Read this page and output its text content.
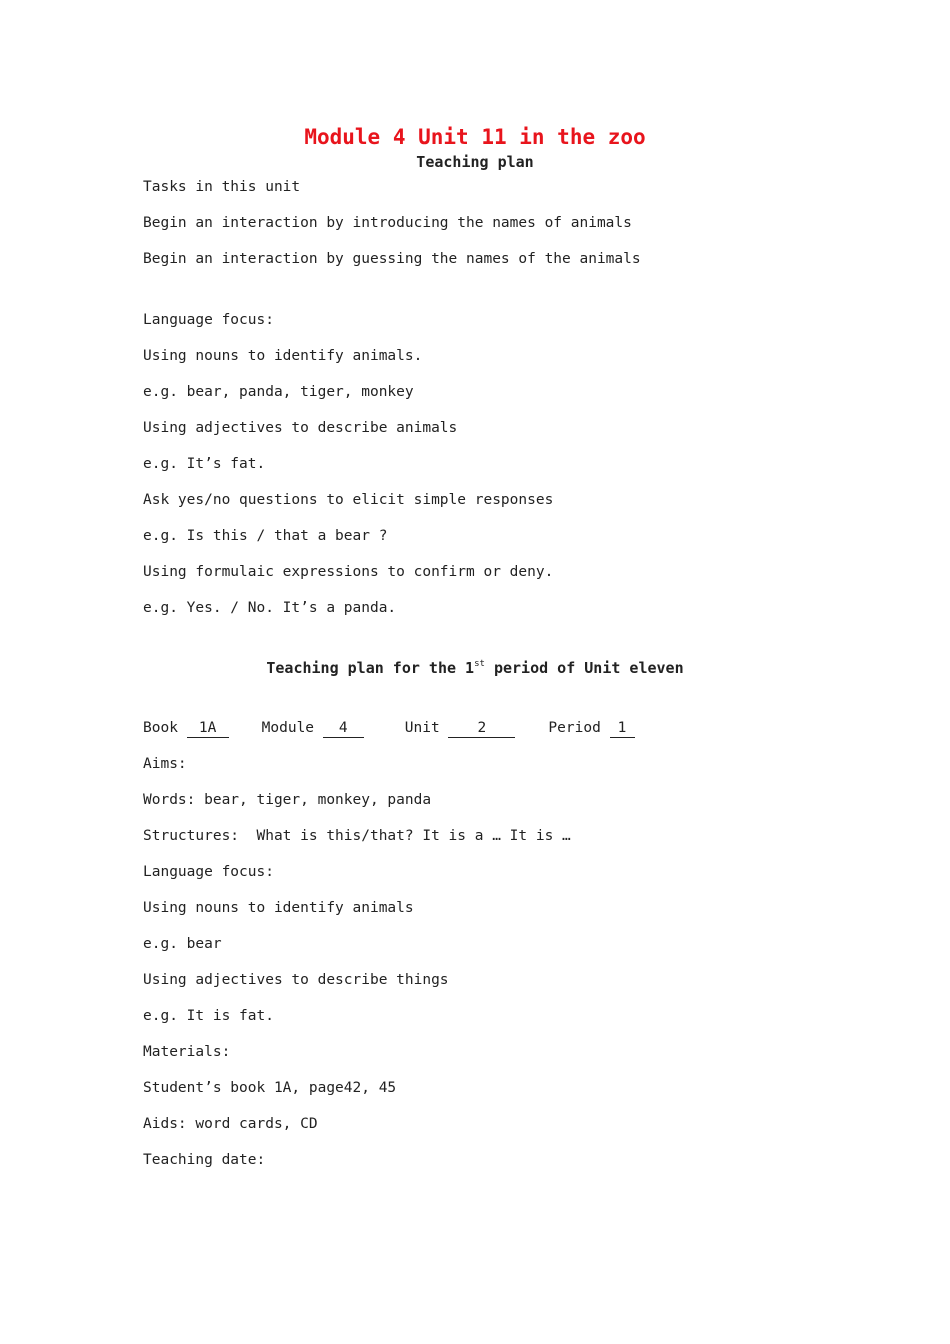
Module 4 Unit 11 in the zoo
Teaching plan
Tasks in this unit
Begin an interaction by introducing the names of animals
Begin an interaction by guessing the names of the animals
Language focus:
Using nouns to identify animals.
e.g. bear, panda, tiger, monkey
Using adjectives to describe animals
e.g. It’s fat.
Ask yes/no questions to elicit simple responses
e.g. Is this / that a bear ?
Using formulaic expressions to confirm or deny.
e.g. Yes. / No. It’s a panda.
Teaching plan for the 1st period of Unit eleven
Book 1A	Module 4	Unit 2	Period 1
Aims:
Words: bear, tiger, monkey, panda
Structures:  What is this/that? It is a … It is …
Language focus:
Using nouns to identify animals
e.g. bear
Using adjectives to describe things
e.g. It is fat.
Materials:
Student’s book 1A, page42, 45
Aids: word cards, CD
Teaching date:
